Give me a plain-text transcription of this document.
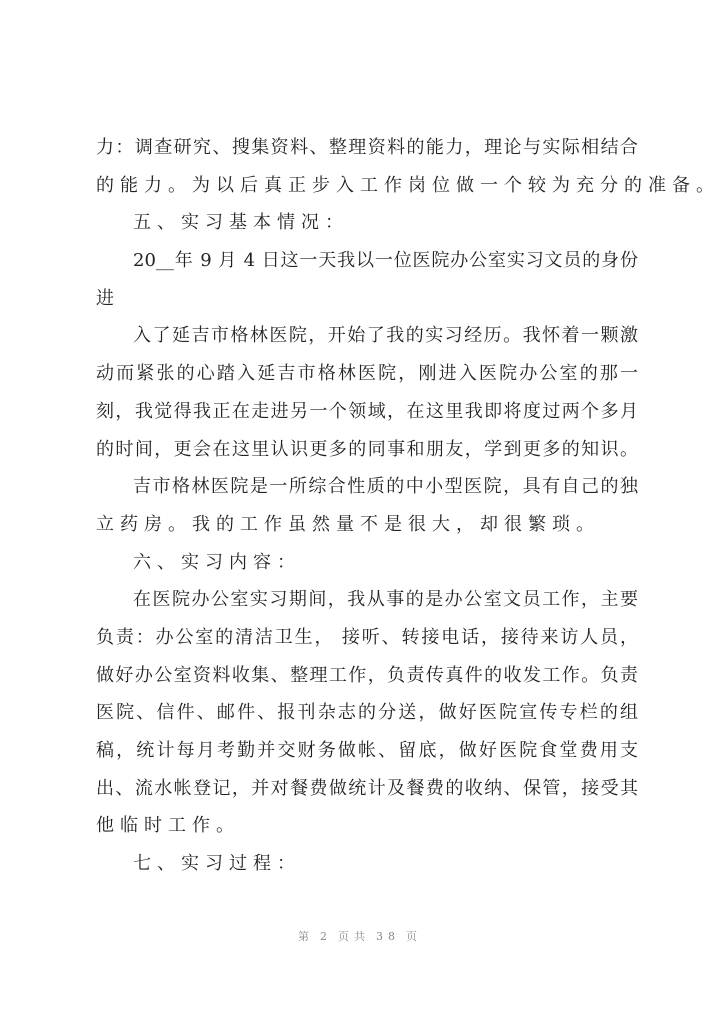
力：调查研究、搜集资料、整理资料的能力，理论与实际相结合
的能力。为以后真正步入工作岗位做一个较为充分的准备。
五、实习基本情况：
20__年 9 月 4 日这一天我以一位医院办公室实习文员的身份
进
入了延吉市格林医院，开始了我的实习经历。我怀着一颗激
动而紧张的心踏入延吉市格林医院，刚进入医院办公室的那一
刻，我觉得我正在走进另一个领域，在这里我即将度过两个多月
的时间，更会在这里认识更多的同事和朋友，学到更多的知识。
吉市格林医院是一所综合性质的中小型医院，具有自己的独
立药房。我的工作虽然量不是很大，却很繁琐。
六、实习内容：
在医院办公室实习期间，我从事的是办公室文员工作，主要
负责：办公室的清洁卫生， 接听、转接电话，接待来访人员，
做好办公室资料收集、整理工作，负责传真件的收发工作。负责
医院、信件、邮件、报刊杂志的分送，做好医院宣传专栏的组
稿，统计每月考勤并交财务做帐、留底，做好医院食堂费用支
出、流水帐登记，并对餐费做统计及餐费的收纳、保管，接受其
他临时工作。
七、实习过程：
第 2 页共 38 页
